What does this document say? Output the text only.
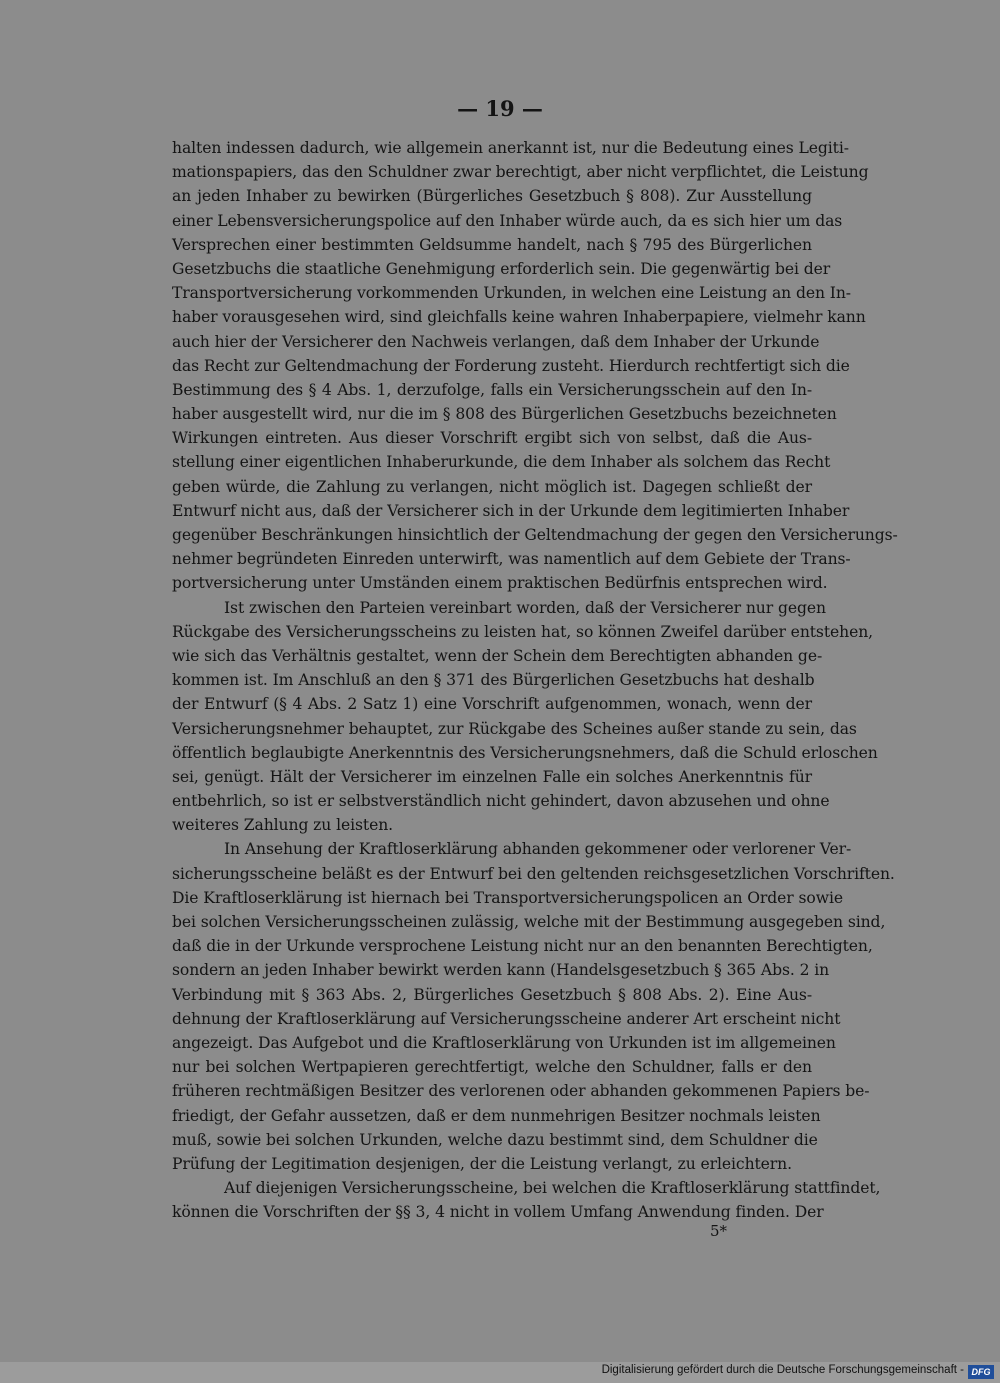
— 19 —
halten indessen dadurch, wie allgemein anerkannt ist, nur die Bedeutung eines Legiti-
mationspapiers, das den Schuldner zwar berechtigt, aber nicht verpflichtet, die Leistung
an jeden Inhaber zu bewirken (Bürgerliches Gesetzbuch § 808). Zur Ausstellung
einer Lebensversicherungspolice auf den Inhaber würde auch, da es sich hier um das
Versprechen einer bestimmten Geldsumme handelt, nach § 795 des Bürgerlichen
Gesetzbuchs die staatliche Genehmigung erforderlich sein. Die gegenwärtig bei der
Transportversicherung vorkommenden Urkunden, in welchen eine Leistung an den In-
haber vorausgesehen wird, sind gleichfalls keine wahren Inhaberpapiere, vielmehr kann
auch hier der Versicherer den Nachweis verlangen, daß dem Inhaber der Urkunde
das Recht zur Geltendmachung der Forderung zusteht. Hierdurch rechtfertigt sich die
Bestimmung des § 4 Abs. 1, derzufolge, falls ein Versicherungsschein auf den In-
haber ausgestellt wird, nur die im § 808 des Bürgerlichen Gesetzbuchs bezeichneten
Wirkungen eintreten. Aus dieser Vorschrift ergibt sich von selbst, daß die Aus-
stellung einer eigentlichen Inhaberurkunde, die dem Inhaber als solchem das Recht
geben würde, die Zahlung zu verlangen, nicht möglich ist. Dagegen schließt der
Entwurf nicht aus, daß der Versicherer sich in der Urkunde dem legitimierten Inhaber
gegenüber Beschränkungen hinsichtlich der Geltendmachung der gegen den Versicherungs-
nehmer begründeten Einreden unterwirft, was namentlich auf dem Gebiete der Trans-
portversicherung unter Umständen einem praktischen Bedürfnis entsprechen wird.
Ist zwischen den Parteien vereinbart worden, daß der Versicherer nur gegen
Rückgabe des Versicherungsscheins zu leisten hat, so können Zweifel darüber entstehen,
wie sich das Verhältnis gestaltet, wenn der Schein dem Berechtigten abhanden ge-
kommen ist. Im Anschluß an den § 371 des Bürgerlichen Gesetzbuchs hat deshalb
der Entwurf (§ 4 Abs. 2 Satz 1) eine Vorschrift aufgenommen, wonach, wenn der
Versicherungsnehmer behauptet, zur Rückgabe des Scheines außer stande zu sein, das
öffentlich beglaubigte Anerkenntnis des Versicherungsnehmers, daß die Schuld erloschen
sei, genügt. Hält der Versicherer im einzelnen Falle ein solches Anerkenntnis für
entbehrlich, so ist er selbstverständlich nicht gehindert, davon abzusehen und ohne
weiteres Zahlung zu leisten.
In Ansehung der Kraftloserklärung abhanden gekommener oder verlorener Ver-
sicherungsscheine beläßt es der Entwurf bei den geltenden reichsgesetzlichen Vorschriften.
Die Kraftloserklärung ist hiernach bei Transportversicherungspolicen an Order sowie
bei solchen Versicherungsscheinen zulässig, welche mit der Bestimmung ausgegeben sind,
daß die in der Urkunde versprochene Leistung nicht nur an den benannten Berechtigten,
sondern an jeden Inhaber bewirkt werden kann (Handelsgesetzbuch § 365 Abs. 2 in
Verbindung mit § 363 Abs. 2, Bürgerliches Gesetzbuch § 808 Abs. 2). Eine Aus-
dehnung der Kraftloserklärung auf Versicherungsscheine anderer Art erscheint nicht
angezeigt. Das Aufgebot und die Kraftloserklärung von Urkunden ist im allgemeinen
nur bei solchen Wertpapieren gerechtfertigt, welche den Schuldner, falls er den
früheren rechtmäßigen Besitzer des verlorenen oder abhanden gekommenen Papiers be-
friedigt, der Gefahr aussetzen, daß er dem nunmehrigen Besitzer nochmals leisten
muß, sowie bei solchen Urkunden, welche dazu bestimmt sind, dem Schuldner die
Prüfung der Legitimation desjenigen, der die Leistung verlangt, zu erleichtern.
Auf diejenigen Versicherungsscheine, bei welchen die Kraftloserklärung stattfindet,
können die Vorschriften der §§ 3, 4 nicht in vollem Umfang Anwendung finden. Der
5*
Digitalisierung gefördert durch die Deutsche Forschungsgemeinschaft - DFG
